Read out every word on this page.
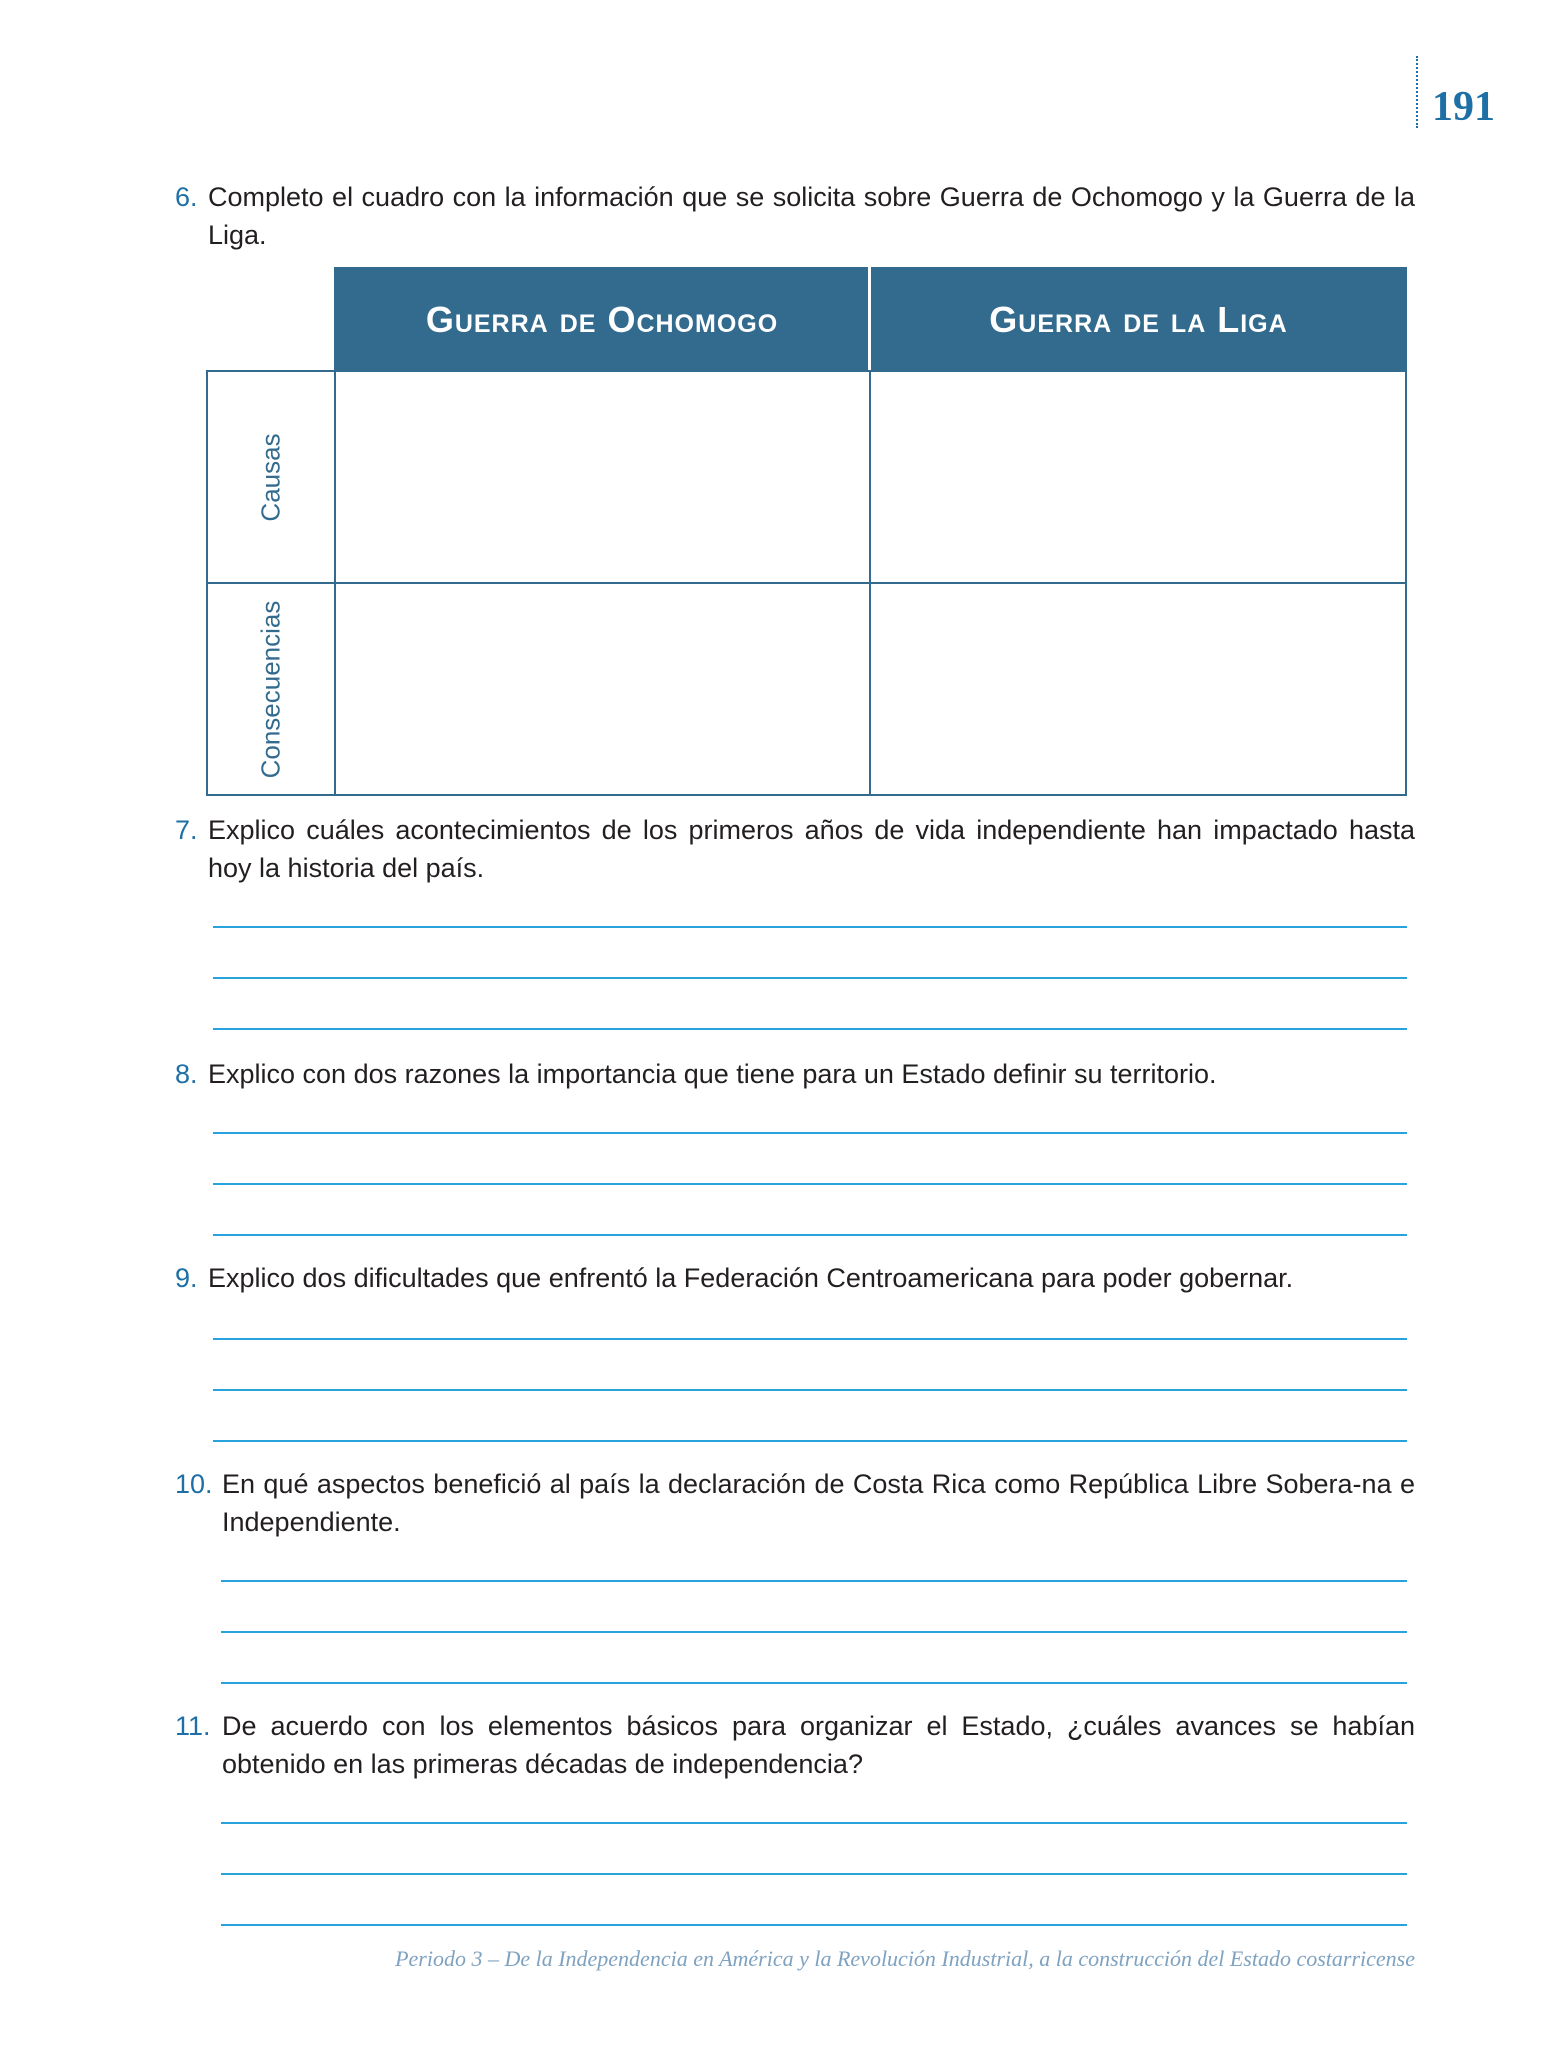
191
6. Completo el cuadro con la información que se solicita sobre Guerra de Ochomogo y la Guerra de la Liga.
Guerra de Ochomogo	Guerra de la Liga
Causas
Consecuencias
7. Explico cuáles acontecimientos de los primeros años de vida independiente han impactado hasta hoy la historia del país.
8. Explico con dos razones la importancia que tiene para un Estado definir su territorio.
9. Explico dos dificultades que enfrentó la Federación Centroamericana para poder gobernar.
10. En qué aspectos benefició al país la declaración de Costa Rica como República Libre Sobera-na e Independiente.
11. De acuerdo con los elementos básicos para organizar el Estado, ¿cuáles avances se habían obtenido en las primeras décadas de independencia?
Periodo 3 – De la Independencia en América y la Revolución Industrial, a la construcción del Estado costarricense
